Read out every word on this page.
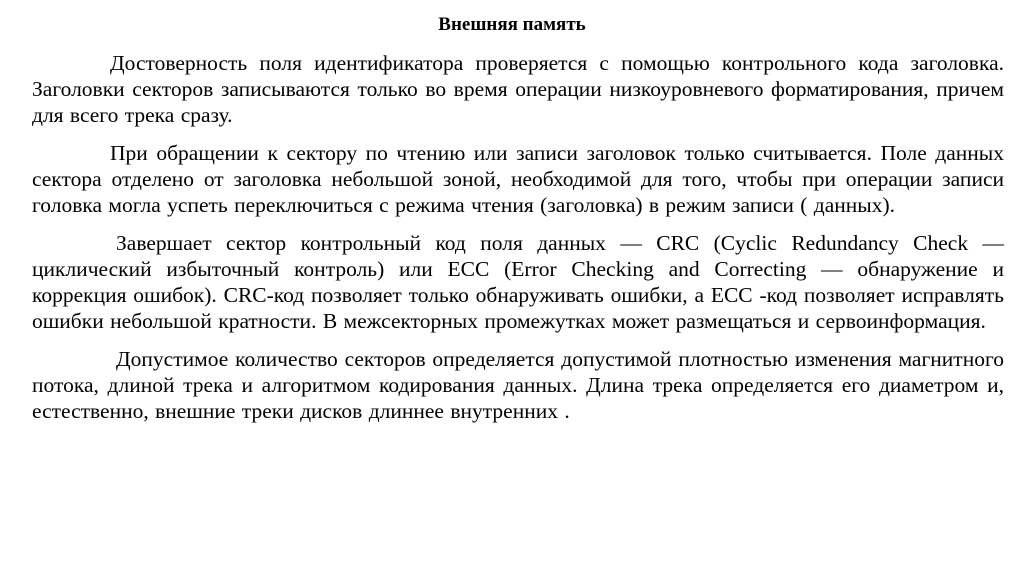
Внешняя память

Достоверность поля идентификатора проверяется с помощью контрольного кода заголовка. Заголовки секторов записываются только во время операции низкоуровневого форматирования, причем для всего трека сразу.

При обращении к сектору по чтению или записи заголовок только считывается. Поле данных сектора отделено от заголовка небольшой зоной, необходимой для того, чтобы при операции записи головка могла успеть переключиться с режима чтения (заголовка) в режим записи ( данных).

Завершает сектор контрольный код поля данных — CRC (Cyclic Redundancy Check — циклический избыточный контроль) или ECC (Error Checking and Correcting — обнаружение и коррекция ошибок). CRC-код позволяет только обнаруживать ошибки, а ECC -код позволяет исправлять ошибки небольшой кратности. В межсекторных промежутках может размещаться и сервоинформация.

Допустимое количество секторов определяется допустимой плотностью изменения магнитного потока, длиной трека и алгоритмом кодирования данных. Длина трека определяется его диаметром и, естественно, внешние треки дисков длиннее внутренних .
